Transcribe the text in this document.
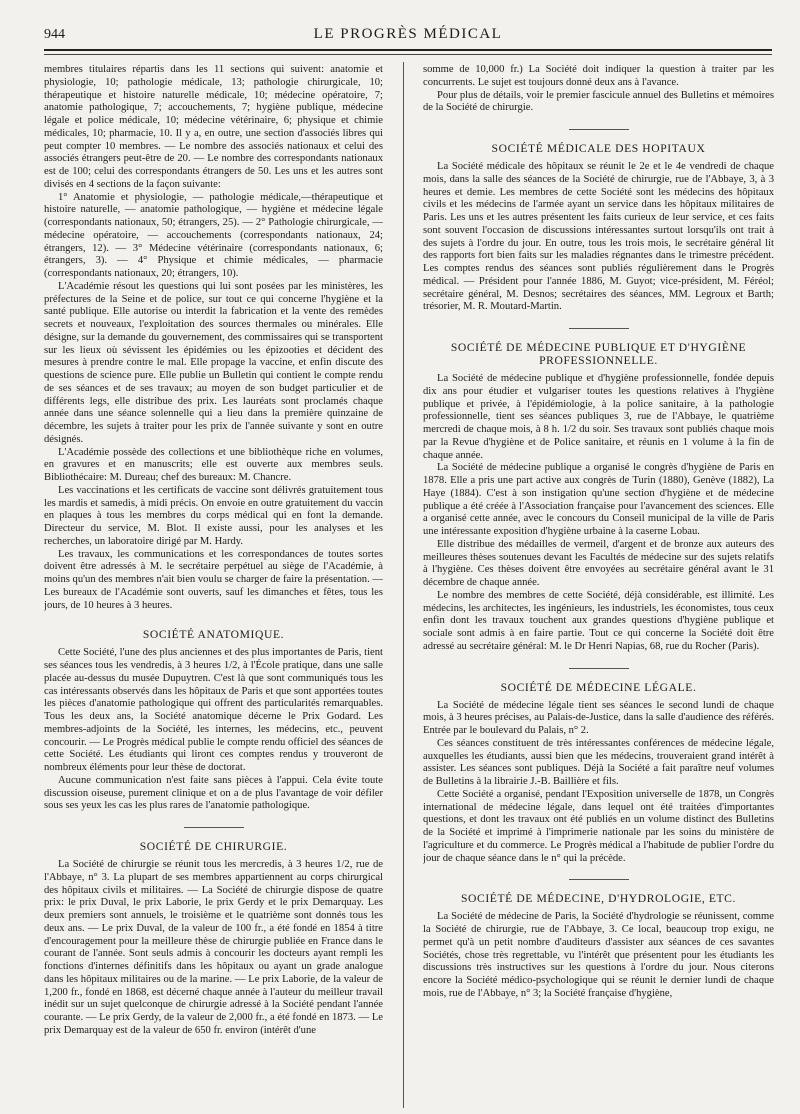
944	LE PROGRÈS MÉDICAL

membres titulaires répartis dans les 11 sections qui suivent: anatomie et physiologie, 10; pathologie médicale, 13; pathologie chirurgicale, 10; thérapeutique et histoire naturelle médicale, 10; médecine opératoire, 7; anatomie pathologique, 7; accouchements, 7; hygiène publique, médecine légale et police médicale, 10; médecine vétérinaire, 6; physique et chimie médicales, 10; pharmacie, 10. Il y a, en outre, une section d'associés libres qui peut compter 10 membres. — Le nombre des associés nationaux et celui des associés étrangers peut-être de 20. — Le nombre des correspondants nationaux est de 100; celui des correspondants étrangers de 50. Les uns et les autres sont divisés en 4 sections de la façon suivante:

1° Anatomie et physiologie, — pathologie médicale,—thérapeutique et histoire naturelle, — anatomie pathologique, — hygiène et médecine légale (correspondants nationaux, 50; étrangers, 25). — 2° Pathologie chirurgicale, — médecine opératoire, — accouchements (correspondants nationaux, 24; étrangers, 12). — 3° Médecine vétérinaire (correspondants nationaux, 6; étrangers, 3). — 4° Physique et chimie médicales, — pharmacie (correspondants nationaux, 20; étrangers, 10).

L'Académie résout les questions qui lui sont posées par les ministères, les préfectures de la Seine et de police, sur tout ce qui concerne l'hygiène et la santé publique. Elle autorise ou interdit la fabrication et la vente des remèdes secrets et nouveaux, l'exploitation des sources thermales ou minérales. Elle désigne, sur la demande du gouvernement, des commissaires qui se transportent sur les lieux où sévissent les épidémies ou les épizooties et décident des mesures à prendre contre le mal. Elle propage la vaccine, et enfin discute des questions de science pure. Elle publie un Bulletin qui contient le compte rendu de ses séances et de ses travaux; au moyen de son budget particulier et de différents legs, elle distribue des prix. Les lauréats sont proclamés chaque année dans une séance solennelle qui a lieu dans la première quinzaine de décembre, les sujets à traiter pour les prix de l'année suivante y sont en outre désignés.

L'Académie possède des collections et une bibliothèque riche en volumes, en gravures et en manuscrits; elle est ouverte aux membres seuls. Bibliothécaire: M. Dureau; chef des bureaux: M. Chancre.

Les vaccinations et les certificats de vaccine sont délivrés gratuitement tous les mardis et samedis, à midi précis. On envoie en outre gratuitement du vaccin en plaques à tous les membres du corps médical qui en font la demande. Directeur du service, M. Blot. Il existe aussi, pour les analyses et les recherches, un laboratoire dirigé par M. Hardy.

Les travaux, les communications et les correspondances de toutes sortes doivent être adressés à M. le secrétaire perpétuel au siège de l'Académie, à moins qu'un des membres n'ait bien voulu se charger de faire la présentation. — Les bureaux de l'Académie sont ouverts, sauf les dimanches et fêtes, tous les jours, de 10 heures à 3 heures.

SOCIÉTÉ ANATOMIQUE.

Cette Société, l'une des plus anciennes et des plus importantes de Paris, tient ses séances tous les vendredis, à 3 heures 1/2, à l'École pratique, dans une salle placée au-dessus du musée Dupuytren. C'est là que sont communiqués tous les cas intéressants observés dans les hôpitaux de Paris et que sont apportées toutes les pièces d'anatomie pathologique qui offrent des particularités remarquables. Tous les deux ans, la Société anatomique décerne le Prix Godard. Les membres-adjoints de la Société, les internes, les médecins, etc., peuvent concourir. — Le Progrès médical publie le compte rendu officiel des séances de cette Société. Les étudiants qui liront ces comptes rendus y trouveront de nombreux éléments pour leur thèse de doctorat.

Aucune communication n'est faite sans pièces à l'appui. Cela évite toute discussion oiseuse, purement clinique et on a de plus l'avantage de voir défiler sous ses yeux les cas les plus rares de l'anatomie pathologique.

SOCIÉTÉ DE CHIRURGIE.

La Société de chirurgie se réunit tous les mercredis, à 3 heures 1/2, rue de l'Abbaye, n° 3. La plupart de ses membres appartiennent au corps chirurgical des hôpitaux civils et militaires. — La Société de chirurgie dispose de quatre prix: le prix Duval, le prix Laborie, le prix Gerdy et le prix Demarquay. Les deux premiers sont annuels, le troisième et le quatrième sont donnés tous les deux ans. — Le prix Duval, de la valeur de 100 fr., a été fondé en 1854 à titre d'encouragement pour la meilleure thèse de chirurgie publiée en France dans le courant de l'année. Sont seuls admis à concourir les docteurs ayant rempli les fonctions d'internes définitifs dans les hôpitaux ou ayant un grade analogue dans les hôpitaux militaires ou de la marine. — Le prix Laborie, de la valeur de 1,200 fr., fondé en 1868, est décerné chaque année à l'auteur du meilleur travail inédit sur un sujet quelconque de chirurgie adressé à la Société pendant l'année courante. — Le prix Gerdy, de la valeur de 2,000 fr., a été fondé en 1873. — Le prix Demarquay est de la valeur de 650 fr. environ (intérêt d'une

somme de 10,000 fr.) La Société doit indiquer la question à traiter par les concurrents. Le sujet est toujours donné deux ans à l'avance.

Pour plus de détails, voir le premier fascicule annuel des Bulletins et mémoires de la Société de chirurgie.

SOCIÉTÉ MÉDICALE DES HOPITAUX

La Société médicale des hôpitaux se réunit le 2e et le 4e vendredi de chaque mois, dans la salle des séances de la Société de chirurgie, rue de l'Abbaye, 3, à 3 heures et demie. Les membres de cette Société sont les médecins des hôpitaux civils et les médecins de l'armée ayant un service dans les hôpitaux militaires de Paris. Les uns et les autres présentent les faits curieux de leur service, et ces faits sont souvent l'occasion de discussions intéressantes surtout lorsqu'ils ont trait à des sujets à l'ordre du jour. En outre, tous les trois mois, le secrétaire général lit des rapports fort bien faits sur les maladies régnantes dans le trimestre précédent. Les comptes rendus des séances sont publiés régulièrement dans le Progrès médical. — Président pour l'année 1886, M. Guyot; vice-président, M. Féréol; secrétaire général, M. Desnos; secrétaires des séances, MM. Legroux et Barth; trésorier, M. R. Moutard-Martin.

SOCIÉTÉ DE MÉDECINE PUBLIQUE ET D'HYGIÈNE PROFESSIONNELLE.

La Société de médecine publique et d'hygiène professionnelle, fondée depuis dix ans pour étudier et vulgariser toutes les questions relatives à l'hygiène publique et privée, à l'épidémiologie, à la police sanitaire, à la pathologie professionnelle, tient ses séances publiques 3, rue de l'Abbaye, le quatrième mercredi de chaque mois, à 8 h. 1/2 du soir. Ses travaux sont publiés chaque mois par la Revue d'hygiène et de Police sanitaire, et réunis en 1 volume à la fin de chaque année.

La Société de médecine publique a organisé le congrès d'hygiène de Paris en 1878. Elle a pris une part active aux congrès de Turin (1880), Genève (1882), La Haye (1884). C'est à son instigation qu'une section d'hygiène et de médecine publique a été créée à l'Association française pour l'avancement des sciences. Elle a organisé cette année, avec le concours du Conseil municipal de la ville de Paris une intéressante exposition d'hygiène urbaine à la caserne Lobau.

Elle distribue des médailles de vermeil, d'argent et de bronze aux auteurs des meilleures thèses soutenues devant les Facultés de médecine sur des sujets relatifs à l'hygiène. Ces thèses doivent être envoyées au secrétaire général avant le 31 décembre de chaque année.

Le nombre des membres de cette Société, déjà considérable, est illimité. Les médecins, les architectes, les ingénieurs, les industriels, les économistes, tous ceux enfin dont les travaux touchent aux grandes questions d'hygiène publique et sociale sont admis à en faire partie. Tout ce qui concerne la Société doit être adressé au secrétaire général: M. le Dr Henri Napias, 68, rue du Rocher (Paris).

SOCIÉTÉ DE MÉDECINE LÉGALE.

La Société de médecine légale tient ses séances le second lundi de chaque mois, à 3 heures précises, au Palais-de-Justice, dans la salle d'audience des référés. Entrée par le boulevard du Palais, n° 2.

Ces séances constituent de très intéressantes conférences de médecine légale, auxquelles les étudiants, aussi bien que les médecins, trouveraient grand intérêt à assister. Les séances sont publiques. Déjà la Société a fait paraître neuf volumes de Bulletins à la librairie J.-B. Baillière et fils.

Cette Société a organisé, pendant l'Exposition universelle de 1878, un Congrès international de médecine légale, dans lequel ont été traitées d'importantes questions, et dont les travaux ont été publiés en un volume distinct des Bulletins de la Société et imprimé à l'imprimerie nationale par les soins du ministère de l'agriculture et du commerce. Le Progrès médical a l'habitude de publier l'ordre du jour de chaque séance dans le n° qui la précède.

SOCIÉTÉ DE MÉDECINE, D'HYDROLOGIE, ETC.

La Société de médecine de Paris, la Société d'hydrologie se réunissent, comme la Société de chirurgie, rue de l'Abbaye, 3. Ce local, beaucoup trop exigu, ne permet qu'à un petit nombre d'auditeurs d'assister aux séances de ces savantes Sociétés, chose très regrettable, vu l'intérêt que présentent pour les étudiants les discussions très instructives sur les questions à l'ordre du jour. Nous citerons encore la Société médico-psychologique qui se réunit le dernier lundi de chaque mois, rue de l'Abbaye, n° 3; la Société française d'hygiène,
